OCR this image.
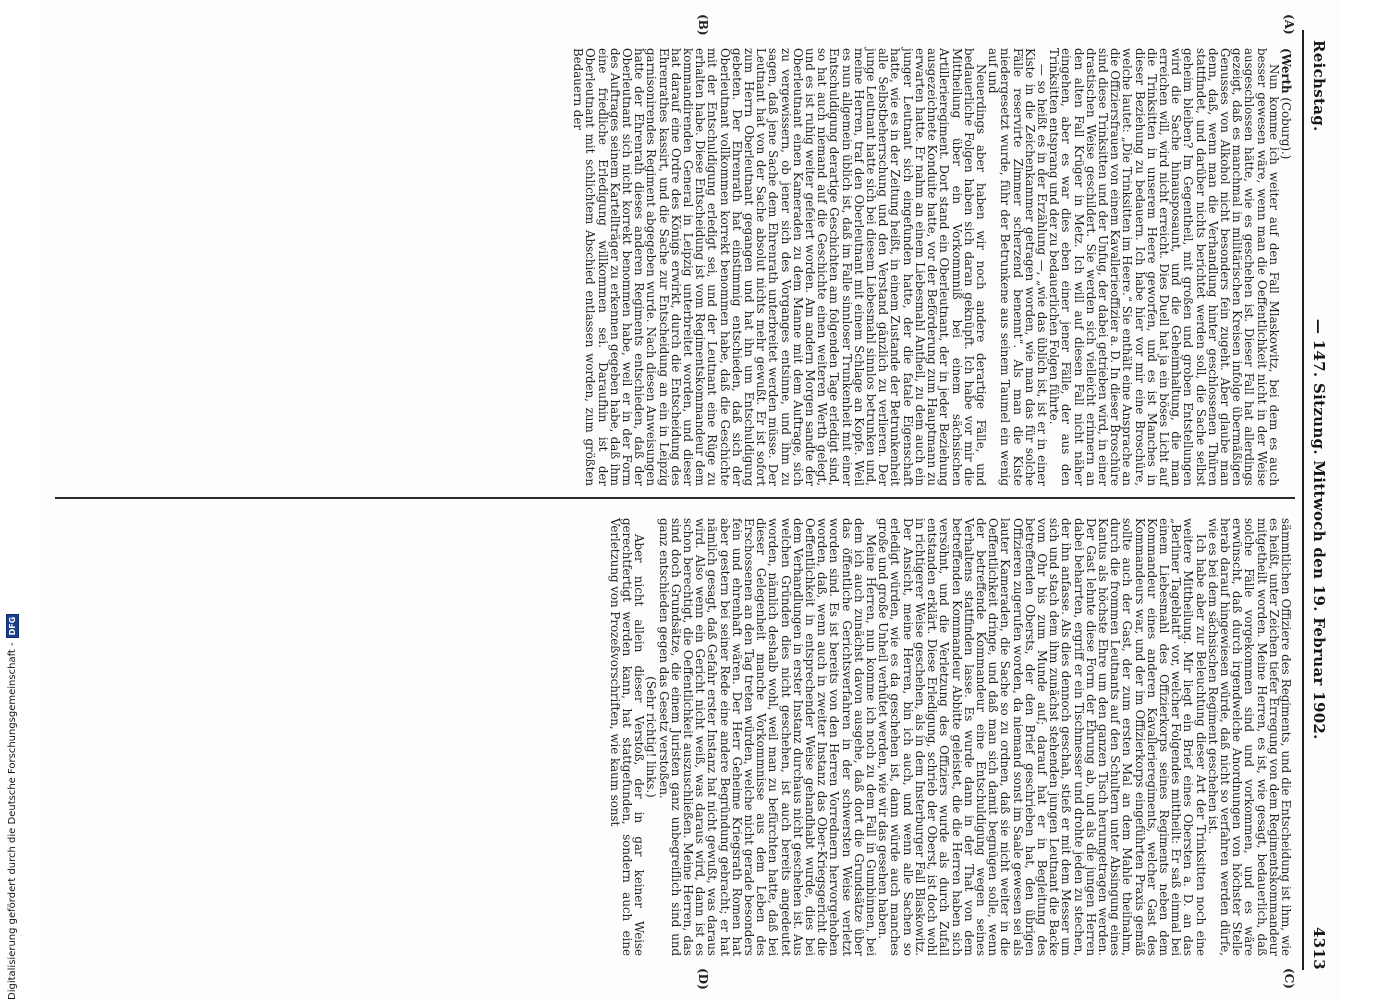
Reichstag.
— 147. Sitzung. Mittwoch den 19. Februar 1902.
4313
(A)
(B)
(C)
(D)

(Werth (Coburg).)

Nun komme ich weiter auf den Fall Mlaskowitz, bei dem es auch besser gewesen wäre, wenn man die Oeffentlichkeit nicht in der Weise ausgeschlossen hätte, wie es geschehen ist. Dieser Fall hat allerdings gezeigt, daß es manchmal in militärischen Kreisen infolge übermäßigen Genusses von Alkohol nicht besonders fein zugeht. Aber glaube man denn, daß, wenn man die Verhandlung hinter geschlossenen Thüren stattfindet, und darüber nichts berichtet werden soll, die Sache selbst geheim bleiben? Im Gegentheil, mit großen und groben Entstellungen wird die Sache hinausposaunt, und die Geheimhaltung, die man erreichen will, wird nicht erreicht. Dies Duell hat ja ein böses Licht auf die Trinksitten in unserem Heere geworfen, und es ist Manches in dieser Beziehung zu bedauern. Ich habe hier vor mir eine Broschüre, welche lautet: „Die Trinksitten im Heere.“ Sie enthält eine Ansprache an die Offiziersfrauen von einem Kavallerieoffizier a. D. In dieser Broschüre sind diese Trinksitten und der Unfug, der dabei getrieben wird, in einer drastischen Weise geschildert. Sie werden sich vielleicht erinnern an den alten Fall Krüger in Metz. Ich will auf diesen Fall nicht näher eingehen, aber es war dies eben einer jener Fälle, der aus den Trinksitten entsprang und der zu bedauerlichen Folgen führte.

— so heißt es in der Erzählung —, „wie das üblich ist, ist er in einer Kiste in die Zeichenkammer getragen worden, wie man das für solche Fälle reservirte Zimmer scherzend benennt“. Als man die Kiste niedergesetzt wurde, führ der Betrunkene aus seinem Taumel ein wenig auf und

Neuerdings aber haben wir noch andere derartige Fälle, und bedauerliche Folgen haben sich daran geknüpft. Ich habe vor mir die Mittheilung über ein Vorkommniß bei einem sächsischen Artillerieregiment. Dort stand ein Oberleutnant, der in jeder Beziehung ausgezeichnete Konduite hatte, vor der Beförderung zum Hauptmann zu erwarten hatte. Er nahm an einem Liebesmahl Antheil, zu dem auch ein junger Leutnant sich eingefunden hatte, der die fatale Eigenschaft hatte, wie es in der Zeitung heißt, in einem Zustande der Betrunkenheit alle Selbstbeherrschung und den Verstand gänzlich zu verlieren. Der junge Leutnant hatte sich bei diesem Liebesmahl sinnlos betrunken und, meine Herren, traf den Oberleutnant mit einem Schlage an Kopfe. Weil es nun allgemein üblich ist, daß im Falle sinnloser Trunkenheit mit einer Entschuldigung derartige Geschichten am folgenden Tage erledigt sind, so hat auch niemand auf die Geschichte einen weiteren Werth gelegt, und es ist ruhig weiter gefeiert worden. Am andern Morgen sandte der Oberleutnant einen Kameraden zu dem Manne mit dem Auftrage, sich zu vergewissern, ob jener sich des Vorganges entsinne, und ihm zu sagen, daß jene Sache dem Ehrenrath unterbreitet werden müsse. Der Leutnant hat von der Sache absolut nichts mehr gewußt. Er ist sofort zum Herrn Oberleutnant gegangen und hat ihn um Entschuldigung gebeten. Der Ehrenrath hat einstimmig entschieden, daß sich der Oberleutnant vollkommen korrekt benommen habe, daß die Geschichte mit der Entschuldigung erledigt sei, und der Leutnant eine Rüge zu erhalten habe. Diese Entscheidung ist vom Regimentskommandeur dem kommandirenden General in Leipzig unterbreitet worden, und dieser hat darauf eine Ordre des Königs erwirkt, durch die Entscheidung des Ehrenrathes kassirt, und die Sache zur Entscheidung an ein in Leipzig garnisonirendes Regiment abgegeben wurde. Nach diesen Anweisungen hatte der Ehrenrath dieses anderen Regiments entschieden, daß der Oberleutnant sich nicht korrekt benommen habe, weil er in der Form des Auftrages seinem Kartellträger zu erkennen gegeben habe, daß ihm eine friedliche Erledigung willkommen sei. Daraufhin ist der Oberleutnant mit schlichtem Abschied entlassen worden, zum größten Bedauern der

sämmtlichen Offiziere des Regiments, und die Entscheidung ist ihm, wie es heißt, unter Zeichen tiefer Erregung von dem Regimentskommandeur mitgetheilt worden. Meine Herren, es ist, wie gesagt, bedauerlich, daß solche Fälle vorgekommen sind und vorkommen, und es wäre erwünscht, daß durch irgendwelche Anordnungen von höchster Stelle herab darauf hingewiesen würde, daß nicht so verfahren werden dürfe, wie es bei dem sächsischen Regiment geschehen ist.

Ich habe aber zur Beleuchtung dieser Art der Trinksitten noch eine weitere Mittheilung. Mir liegt ein Brief eines Obersten a. D. an das „Berliner Tageblatt“ vor, welcher Folgendes mittheilt: Er saß einmal bei einem Liebesmahl des Offizierkorps seines Regiments neben dem Kommandeur eines anderen Kavallerieregiments, welcher Gast des Kommandeurs war, und der im Offizierkorps eingeführten Praxis gemäß sollte auch der Gast, der zum ersten Mal an dem Mahle theilnahm, durch die frommen Leutnants auf den Schultern unter Absingung eines Kantus als höchste Ehre um den ganzen Tisch herumgetragen werden. Der Gast lehnte diese Form der Ehrung ab, und als die jungen Herren dabei beharrten, ergriff er ein Tischmesser und drohte jeden zu stechen, der ihn anfasse. Als dies dennoch geschah, stieß er mit dem Messer um sich und stach dem ihm zunächst stehenden jungen Leutnant die Backe vom Ohr bis zum Munde auf; darauf hat er in Begleitung des betreffenden Obersts, der den Brief geschrieben hat, den übrigen Offizieren zugerufen worden, da niemand sonst im Saale gewesen sei als lauter Kameraden, die Sache so zu ordnen, daß sie nicht weiter in die Oeffentlichkeit dringe, und daß man sich damit begnügen solle, wenn der betreffende Kommandeur eine Entschuldigung wegen seines Verhaltens stattfinden lasse. Es wurde dann in der That von dem betreffenden Kommandeur Abbitte geleistet, die die Herren haben sich versöhnt, und die Verletzung des Offiziers wurde als durch Zufall entstanden erklärt. Diese Erledigung, schrieb der Oberst, ist doch wohl in richtigerer Weise geschehen, als in dem Insterburger Fall Blaskowitz. Der Ansicht, meine Herren, bin ich auch, und wenn alle Sachen so erledigt würden, wie es da geschehen ist, dann würde auch manches große und große Unheil verhütet werden, wie wir das gesehen haben.

Meine Herren, nun komme ich noch zu dem Fall in Gumbinnen, bei dem ich auch zunächst davon ausgehe, daß dort die Grundsätze über das öffentliche Gerichtsverfahren in der schwersten Weise verletzt worden sind. Es ist bereits von den Herren Vorrednern hervorgehoben worden, daß, wenn auch in zweiter Instanz das Ober-Kriegsgericht die Oeffentlichkeit in entsprechender Weise gehandhabt wurde, dies bei dem Verhandlungen in erster Instanz durchaus nicht geschehen ist. Aus welchen Gründen dies nicht geschehen, ist auch bereits angedeutet worden, nämlich deshalb wohl, weil man zu befürchten hatte, daß bei dieser Gelegenheit manche Vorkommnisse aus dem Leben des Erschossenen an den Tag treten würden, welche nicht gerade besonders fein und ehrenhaft wären. Der Herr Geheime Kriegsrath Romen hat aber gestern bei seiner Rede eine andere Begründung gebracht; er hat nämlich gesagt, daß Gefahr erster Instanz hat nicht gewußt, was daraus wird. Also wenn ein Gericht nicht weiß, was daraus wird, dann ist es schon berechtigt, die Oeffentlichkeit auszuschließen. Meine Herren, das sind doch Grundsätze, die einem Juristen ganz unbegreiflich sind und ganz entschieden gegen das Gesetz verstoßen.

(Sehr richtig! links.)

Aber nicht allein dieser Verstoß, der in gar keiner Weise gerechtfertigt werden kann, hat stattgefunden, sondern auch eine Verletzung von Prozeßvorschriften, wie kaum sonst

Digitalisierung gefördert durch die Deutsche Forschungsgemeinschaft -
DFG
